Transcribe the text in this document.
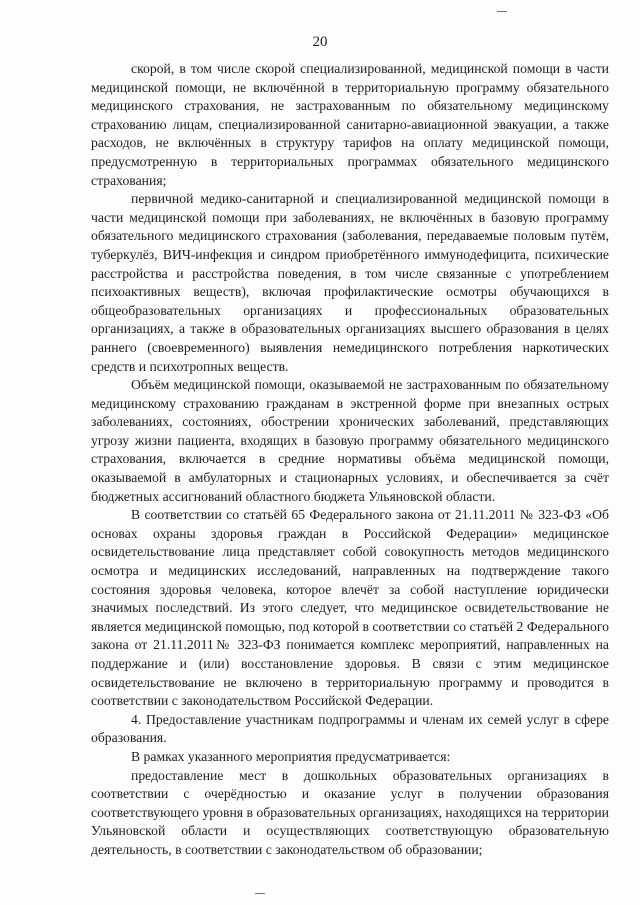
20

скорой, в том числе скорой специализированной, медицинской помощи в части медицинской помощи, не включённой в территориальную программу обязательного медицинского страхования, не застрахованным по обязательному медицинскому страхованию лицам, специализированной санитарно-авиационной эвакуации, а также расходов, не включённых в структуру тарифов на оплату медицинской помощи, предусмотренную в территориальных программах обязательного медицинского страхования;

первичной медико-санитарной и специализированной медицинской помощи в части медицинской помощи при заболеваниях, не включённых в базовую программу обязательного медицинского страхования (заболевания, передаваемые половым путём, туберкулёз, ВИЧ-инфекция и синдром приобретённого иммунодефицита, психические расстройства и расстройства поведения, в том числе связанные с употреблением психоактивных веществ), включая профилактические осмотры обучающихся в общеобразовательных организациях и профессиональных образовательных организациях, а также в образовательных организациях высшего образования в целях раннего (своевременного) выявления немедицинского потребления наркотических средств и психотропных веществ.

Объём медицинской помощи, оказываемой не застрахованным по обязательному медицинскому страхованию гражданам в экстренной форме при внезапных острых заболеваниях, состояниях, обострении хронических заболеваний, представляющих угрозу жизни пациента, входящих в базовую программу обязательного медицинского страхования, включается в средние нормативы объёма медицинской помощи, оказываемой в амбулаторных и стационарных условиях, и обеспечивается за счёт бюджетных ассигнований областного бюджета Ульяновской области.

В соответствии со статьёй 65 Федерального закона от 21.11.2011 № 323-ФЗ «Об основах охраны здоровья граждан в Российской Федерации» медицинское освидетельствование лица представляет собой совокупность методов медицинского осмотра и медицинских исследований, направленных на подтверждение такого состояния здоровья человека, которое влечёт за собой наступление юридически значимых последствий. Из этого следует, что медицинское освидетельствование не является медицинской помощью, под которой в соответствии со статьёй 2 Федерального закона от 21.11.2011№ 323-ФЗ понимается комплекс мероприятий, направленных на поддержание и (или) восстановление здоровья. В связи с этим медицинское освидетельствование не включено в территориальную программу и проводится в соответствии с законодательством Российской Федерации.

4. Предоставление участникам подпрограммы и членам их семей услуг в сфере образования.

В рамках указанного мероприятия предусматривается:

предоставление мест в дошкольных образовательных организациях в соответствии с очерёдностью и оказание услуг в получении образования соответствующего уровня в образовательных организациях, находящихся на территории Ульяновской области и осуществляющих соответствующую образовательную деятельность, в соответствии с законодательством об образовании;
